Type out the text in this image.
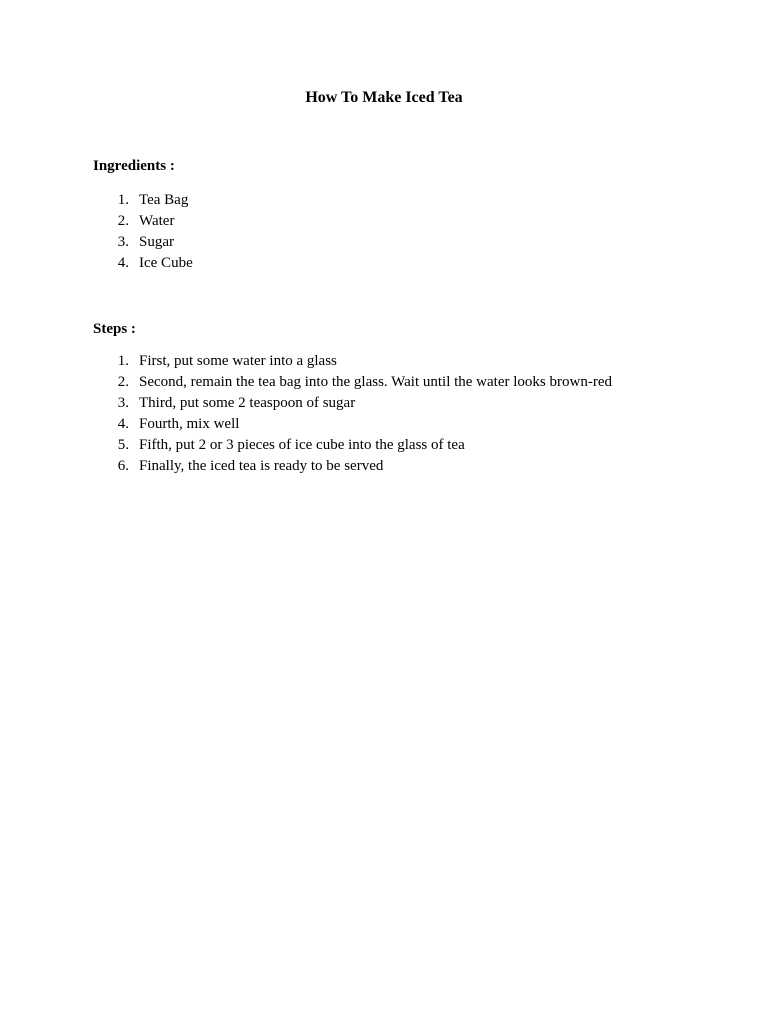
How To Make Iced Tea
Ingredients :
1. Tea Bag
2. Water
3. Sugar
4. Ice Cube
Steps :
1. First, put some water into a glass
2. Second, remain the tea bag into the glass. Wait until the water looks brown-red
3. Third, put some 2 teaspoon of sugar
4. Fourth, mix well
5. Fifth, put 2 or 3 pieces of ice cube into the glass of tea
6. Finally, the iced tea is ready to be served
